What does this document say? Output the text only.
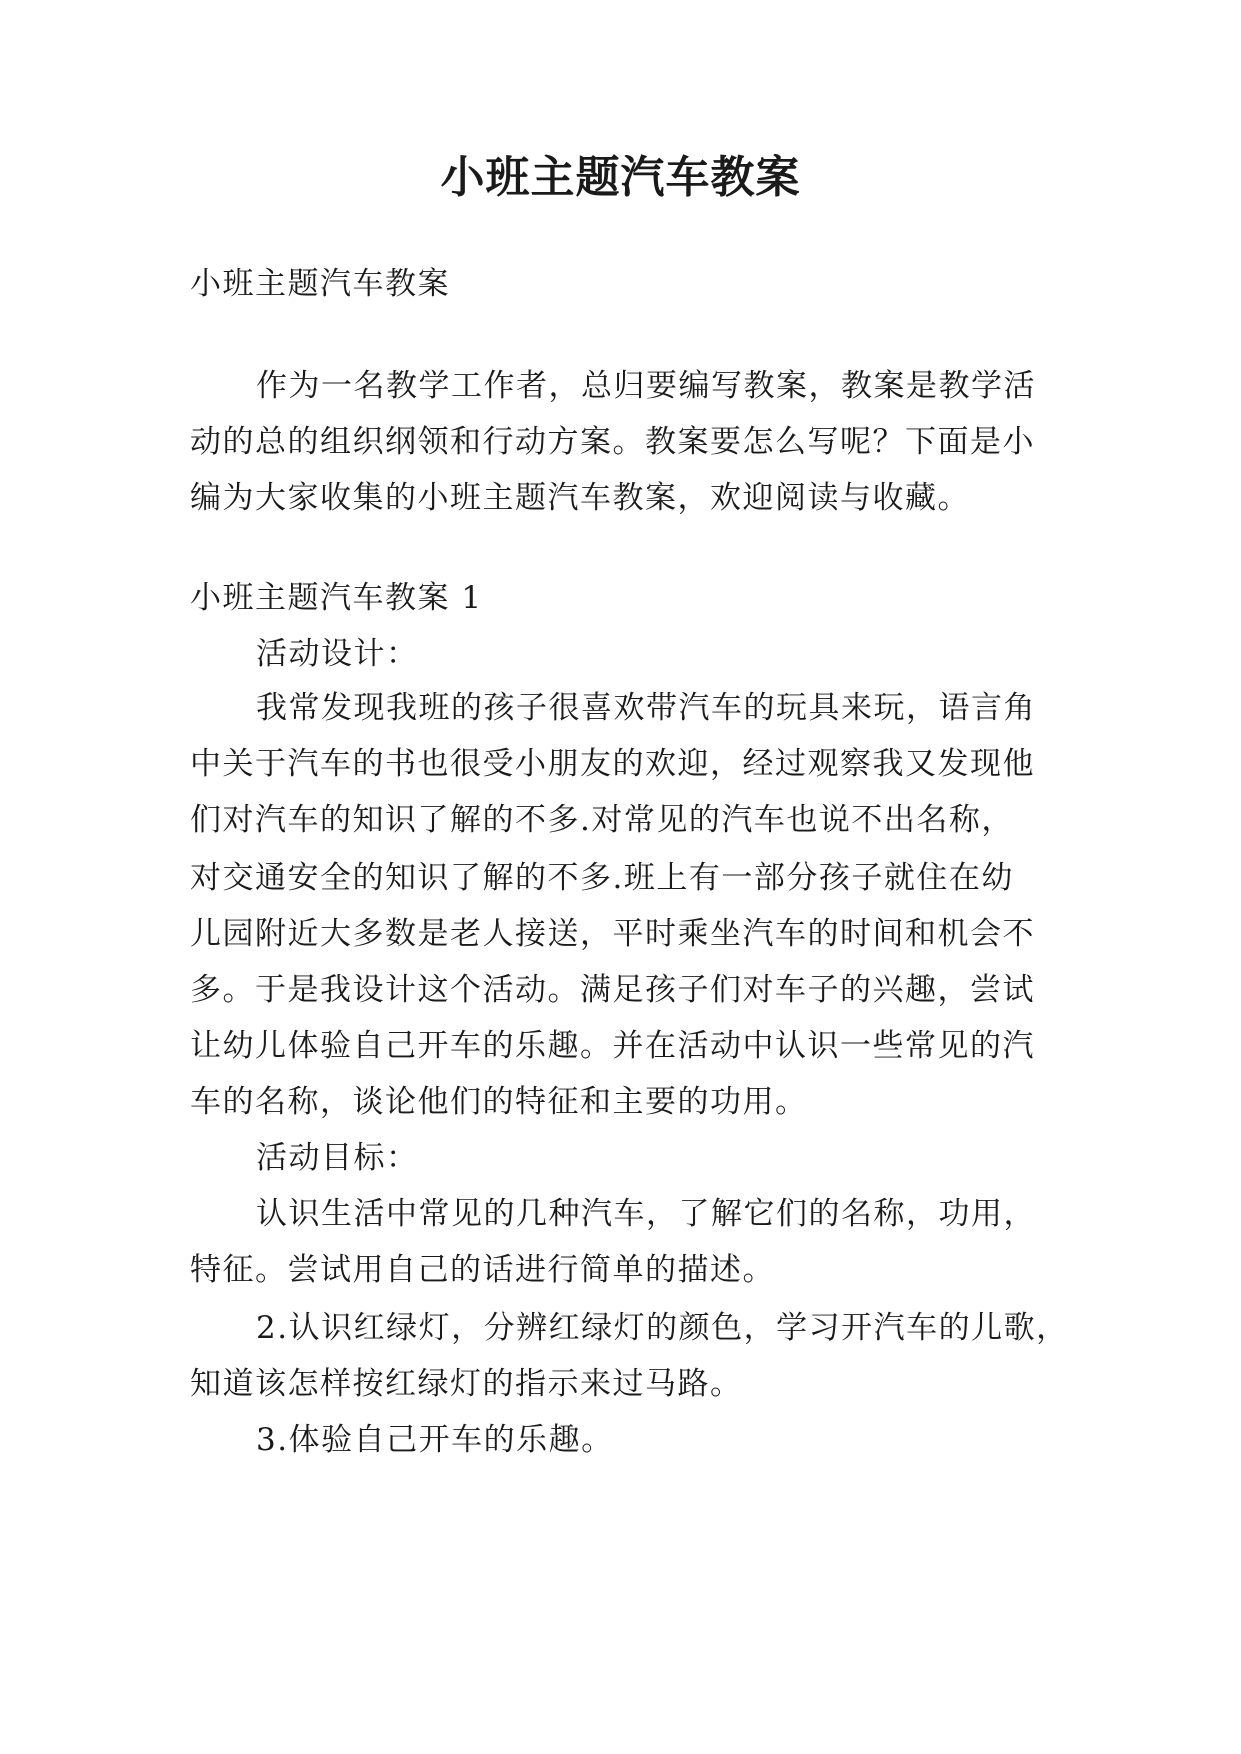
小班主题汽车教案
小班主题汽车教案
作为一名教学工作者，总归要编写教案，教案是教学活
动的总的组织纲领和行动方案。教案要怎么写呢？下面是小
编为大家收集的小班主题汽车教案，欢迎阅读与收藏。
小班主题汽车教案 1
活动设计：
我常发现我班的孩子很喜欢带汽车的玩具来玩，语言角
中关于汽车的书也很受小朋友的欢迎，经过观察我又发现他
们对汽车的知识了解的不多.对常见的汽车也说不出名称，
对交通安全的知识了解的不多.班上有一部分孩子就住在幼
儿园附近大多数是老人接送，平时乘坐汽车的时间和机会不
多。于是我设计这个活动。满足孩子们对车子的兴趣，尝试
让幼儿体验自己开车的乐趣。并在活动中认识一些常见的汽
车的名称，谈论他们的特征和主要的功用。
活动目标：
认识生活中常见的几种汽车，了解它们的名称，功用，
特征。尝试用自己的话进行简单的描述。
2.认识红绿灯，分辨红绿灯的颜色，学习开汽车的儿歌，
知道该怎样按红绿灯的指示来过马路。
3.体验自己开车的乐趣。
